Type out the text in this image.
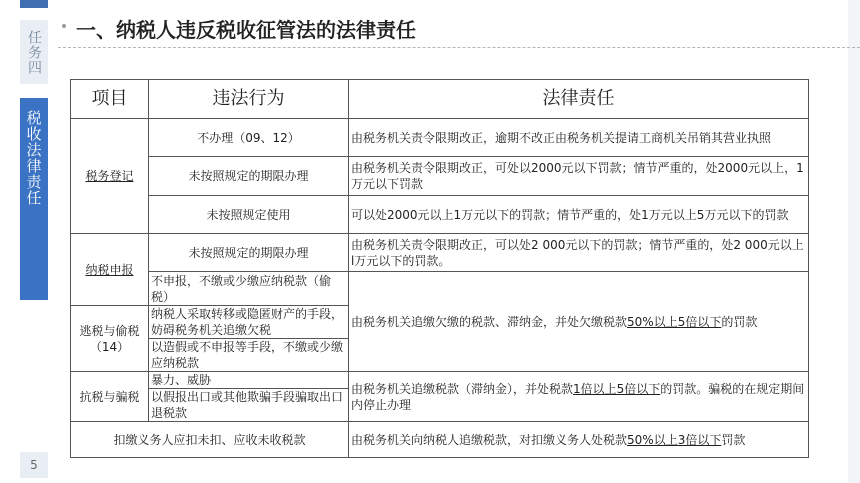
任务四
税收法律责任
5
一、纳税人违反税收征管法的法律责任
项目	违法行为	法律责任
税务登记	不办理（09、12）	由税务机关责令限期改正，逾期不改正由税务机关提请工商机关吊销其营业执照
	未按照规定的期限办理	由税务机关责令限期改正，可处以2000元以下罚款；情节严重的，处2000元以上，1万元以下罚款
	未按照规定使用	可以处2000元以上1万元以下的罚款；情节严重的，处1万元以上5万元以下的罚款
纳税申报	未按照规定的期限办理	由税务机关责令限期改正，可以处2 000元以下的罚款；情节严重的，处2 000元以上l万元以下的罚款。
	不申报，不缴或少缴应纳税款（偷税）	由税务机关追缴欠缴的税款、滞纳金，并处欠缴税款50%以上5倍以下的罚款
逃税与偷税（14）	纳税人采取转移或隐匿财产的手段，妨碍税务机关追缴欠税	
	以造假或不申报等手段，不缴或少缴应纳税款	
抗税与骗税	暴力、威胁	由税务机关追缴税款（滞纳金），并处税款1倍以上5倍以下的罚款。骗税的在规定期间内停止办理
	以假报出口或其他欺骗手段骗取出口退税款	
扣缴义务人应扣未扣、应收未收税款		由税务机关向纳税人追缴税款，对扣缴义务人处税款50%以上3倍以下罚款
